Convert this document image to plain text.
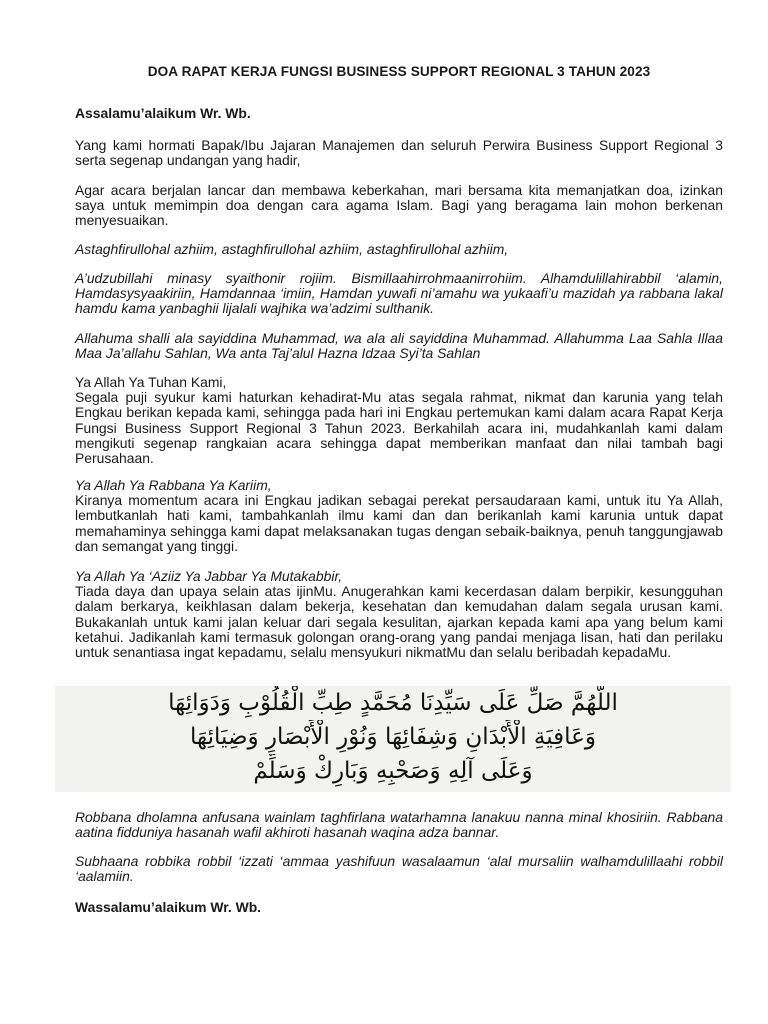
DOA RAPAT KERJA FUNGSI BUSINESS SUPPORT REGIONAL 3 TAHUN 2023
Assalamu’alaikum Wr. Wb.
Yang kami hormati Bapak/Ibu Jajaran Manajemen dan seluruh Perwira Business Support Regional 3 serta segenap undangan yang hadir,
Agar acara berjalan lancar dan membawa keberkahan, mari bersama kita memanjatkan doa, izinkan saya untuk memimpin doa dengan cara agama Islam. Bagi yang beragama lain mohon berkenan menyesuaikan.
Astaghfirullohal azhiim, astaghfirullohal azhiim, astaghfirullohal azhiim,
A’udzubillahi minasy syaithonir rojiim. Bismillaahirrohmaanirrohiim. Alhamdulillahirabbil ‘alamin, Hamdasysyaakiriin, Hamdannaa ‘imiin, Hamdan yuwafi ni’amahu wa yukaafi’u mazidah ya rabbana lakal hamdu kama yanbaghii lijalali wajhika wa’adzimi sulthanik.
Allahuma shalli ala sayiddina Muhammad, wa ala ali sayiddina Muhammad. Allahumma Laa Sahla Illaa Maa Ja’allahu Sahlan, Wa anta Taj’alul Hazna Idzaa Syi’ta Sahlan
Ya Allah Ya Tuhan Kami,
Segala puji syukur kami haturkan kehadirat-Mu atas segala rahmat, nikmat dan karunia yang telah Engkau berikan kepada kami, sehingga pada hari ini Engkau pertemukan kami dalam acara Rapat Kerja Fungsi Business Support Regional 3 Tahun 2023. Berkahilah acara ini, mudahkanlah kami dalam mengikuti segenap rangkaian acara sehingga dapat memberikan manfaat dan nilai tambah bagi Perusahaan.
Ya Allah Ya Rabbana Ya Kariim,
Kiranya momentum acara ini Engkau jadikan sebagai perekat persaudaraan kami, untuk itu Ya Allah, lembutkanlah hati kami, tambahkanlah ilmu kami dan dan berikanlah kami karunia untuk dapat memahaminya sehingga kami dapat melaksanakan tugas dengan sebaik-baiknya, penuh tanggungjawab dan semangat yang tinggi.
Ya Allah Ya ‘Aziiz Ya Jabbar Ya Mutakabbir,
Tiada daya dan upaya selain atas ijinMu. Anugerahkan kami kecerdasan dalam berpikir, kesungguhan dalam berkarya, keikhlasan dalam bekerja, kesehatan dan kemudahan dalam segala urusan kami. Bukakanlah untuk kami jalan keluar dari segala kesulitan, ajarkan kepada kami apa yang belum kami ketahui. Jadikanlah kami termasuk golongan orang-orang yang pandai menjaga lisan, hati dan perilaku untuk senantiasa ingat kepadamu, selalu mensyukuri nikmatMu dan selalu beribadah kepadaMu.
اللَّهُمَّ صَلِّ عَلَى سَيِّدِنَا مُحَمَّدٍ طِبِّ الْقُلُوْبِ وَدَوَائِهَا
وَعَافِيَةِ الْأَبْدَانِ وَشِفَائِهَا وَنُوْرِ الْأَبْصَارِ وَضِيَائِهَا
وَعَلَى آلِهِ وَصَحْبِهِ وَبَارِكْ وَسَلِّمْ
Robbana dholamna anfusana wainlam taghfirlana watarhamna lanakuu nanna minal khosiriin. Rabbana aatina fidduniya hasanah wafil akhiroti hasanah waqina adza bannar.
Subhaana robbika robbil ‘izzati ‘ammaa yashifuun wasalaamun ‘alal mursaliin walhamdulillaahi robbil ‘aalamiin.
Wassalamu’alaikum Wr. Wb.
